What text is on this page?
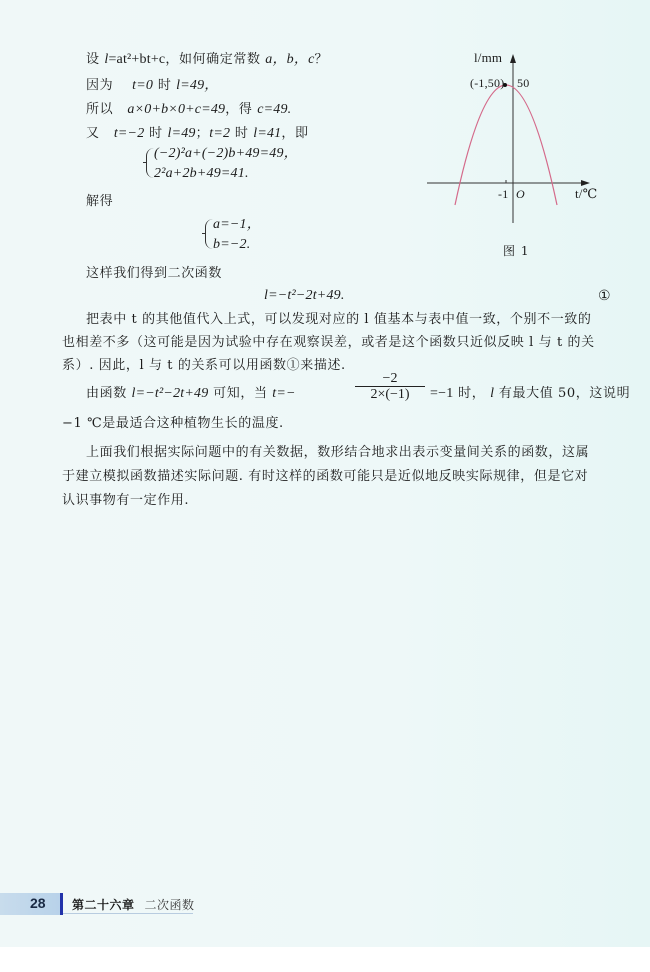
设 l=at²+bt+c，如何确定常数 a，b，c？
因为 t=0 时 l=49，
所以 a×0+b×0+c=49，得 c=49.
又 t=−2 时 l=49；t=2 时 l=41，即
(−2)²a+(−2)b+49=49，
2²a+2b+49=41.
解得
a=−1，
b=−2.
这样我们得到二次函数
l=−t²−2t+49.	①
把表中 t 的其他值代入上式，可以发现对应的 l 值基本与表中值一致，个别不一致的
也相差不多（这可能是因为试验中存在观察误差，或者是这个函数只近似反映 l 与 t 的关
系）. 因此，l 与 t 的关系可以用函数①来描述.
由函数 l=−t²−2t+49 可知，当 t=−	$\frac{-2}{2\times(-1)} =-1$ 时， l 有最大值 50，这说明
−1 ℃是最适合这种植物生长的温度.
上面我们根据实际问题中的有关数据，数形结合地求出表示变量间关系的函数，这属
于建立模拟函数描述实际问题. 有时这样的函数可能只是近似地反映实际规律，但是它对
认识事物有一定作用.
l/mm
(-1,50) 50
-1 O	t/℃
图 1
28 第二十六章 二次函数
